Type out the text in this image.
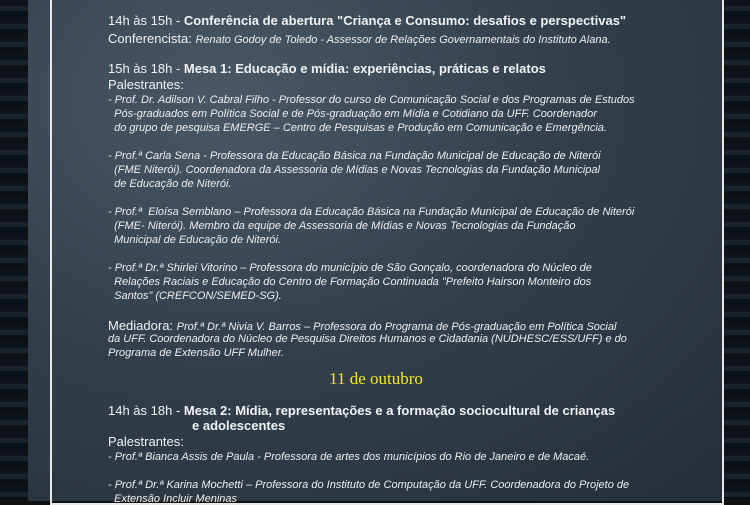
14h às 15h - Conferência de abertura "Criança e Consumo: desafios e perspectivas"
Conferencista: Renato Godoy de Toledo - Assessor de Relações Governamentais do Instituto Alana.
15h às 18h - Mesa 1: Educação e mídia: experiências, práticas e relatos
Palestrantes:
- Prof. Dr. Adilson V. Cabral Filho - Professor do curso de Comunicação Social e dos Programas de Estudos
Pós-graduados em Política Social e de Pós-graduação em Mídia e Cotidiano da UFF. Coordenador
do grupo de pesquisa EMERGE – Centro de Pesquisas e Produção em Comunicação e Emergência.
- Prof.ª Carla Sena - Professora da Educação Básica na Fundação Municipal de Educação de Niterói
(FME Niterói). Coordenadora da Assessoria de Mídias e Novas Tecnologias da Fundação Municipal
de Educação de Niterói.
- Prof.ª  Eloísa Semblano – Professora da Educação Básica na Fundação Municipal de Educação de Niterói
(FME- Niterói). Membro da equipe de Assessoria de Mídias e Novas Tecnologias da Fundação
Municipal de Educação de Niterói.
- Prof.ª Dr.ª Shirlei Vitorino – Professora do município de São Gonçalo, coordenadora do Núcleo de
Relações Raciais e Educação do Centro de Formação Continuada "Prefeito Hairson Monteiro dos
Santos" (CREFCON/SEMED-SG).
Mediadora: Prof.ª Dr.ª Nivia V. Barros – Professora do Programa de Pós-graduação em Política Social
da UFF. Coordenadora do Núcleo de Pesquisa Direitos Humanos e Cidadania (NUDHESC/ESS/UFF) e do
Programa de Extensão UFF Mulher.
11 de outubro
14h às 18h - Mesa 2: Mídia, representações e a formação sociocultural de crianças
e adolescentes
Palestrantes:
- Prof.ª Bianca Assis de Paula - Professora de artes dos municípios do Rio de Janeiro e de Macaé.
- Prof.ª Dr.ª Karina Mochetti – Professora do Instituto de Computação da UFF. Coordenadora do Projeto de
Extensão Incluir Meninas
